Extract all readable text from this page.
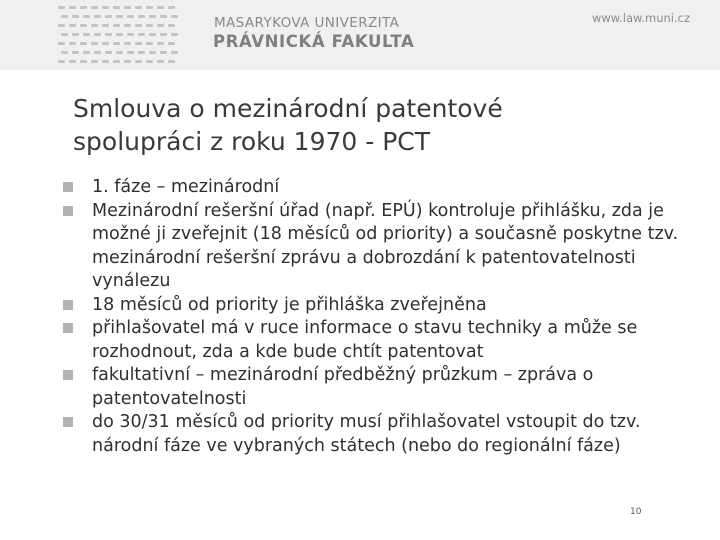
MASARYKOVA UNIVERZITA
PRÁVNICKÁ FAKULTA
www.law.muni.cz
Smlouva o mezinárodní patentové
spolupráci z roku 1970 - PCT
1. fáze – mezinárodní
Mezinárodní rešeršní úřad (např. EPÚ) kontroluje přihlášku, zda je možné ji zveřejnit (18 měsíců od priority) a současně poskytne tzv. mezinárodní rešeršní zprávu a dobrozdání k patentovatelnosti vynálezu
18 měsíců od priority je přihláška zveřejněna
přihlašovatel má v ruce informace o stavu techniky a může se rozhodnout, zda a kde bude chtít patentovat
fakultativní – mezinárodní předběžný průzkum – zpráva o patentovatelnosti
do 30/31 měsíců od priority musí přihlašovatel vstoupit do tzv. národní fáze ve vybraných státech (nebo do regionální fáze)
10
